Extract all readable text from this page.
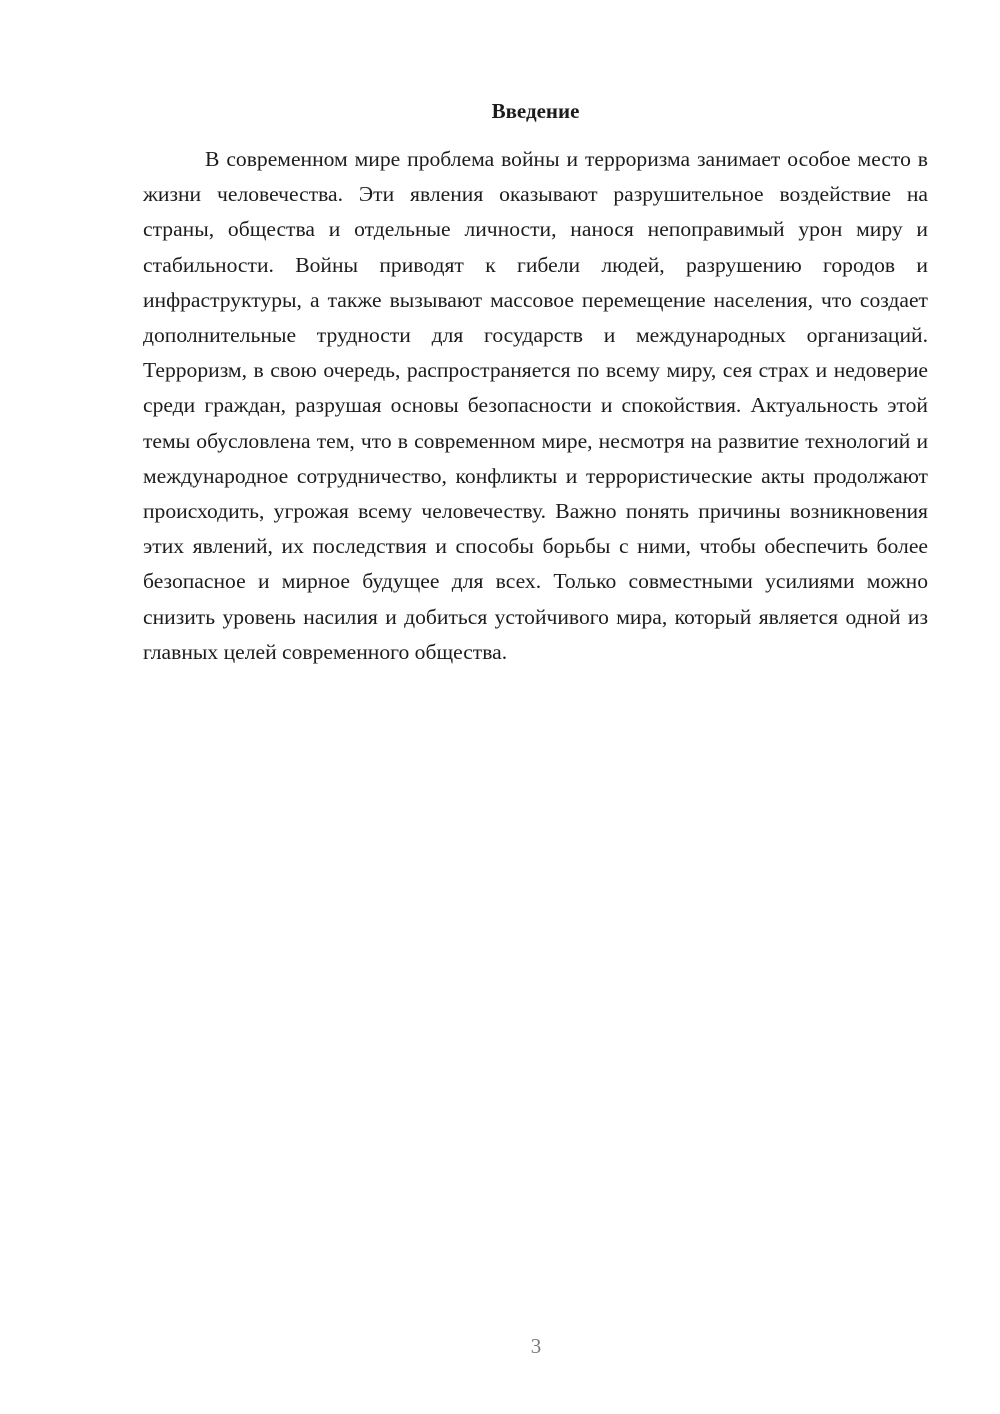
Введение

В современном мире проблема войны и терроризма занимает особое место в жизни человечества. Эти явления оказывают разрушительное воздействие на страны, общества и отдельные личности, нанося непоправимый урон миру и стабильности. Войны приводят к гибели людей, разрушению городов и инфраструктуры, а также вызывают массовое перемещение населения, что создает дополнительные трудности для государств и международных организаций. Терроризм, в свою очередь, распространяется по всему миру, сея страх и недоверие среди граждан, разрушая основы безопасности и спокойствия. Актуальность этой темы обусловлена тем, что в современном мире, несмотря на развитие технологий и международное сотрудничество, конфликты и террористические акты продолжают происходить, угрожая всему человечеству. Важно понять причины возникновения этих явлений, их последствия и способы борьбы с ними, чтобы обеспечить более безопасное и мирное будущее для всех. Только совместными усилиями можно снизить уровень насилия и добиться устойчивого мира, который является одной из главных целей современного общества.

3
